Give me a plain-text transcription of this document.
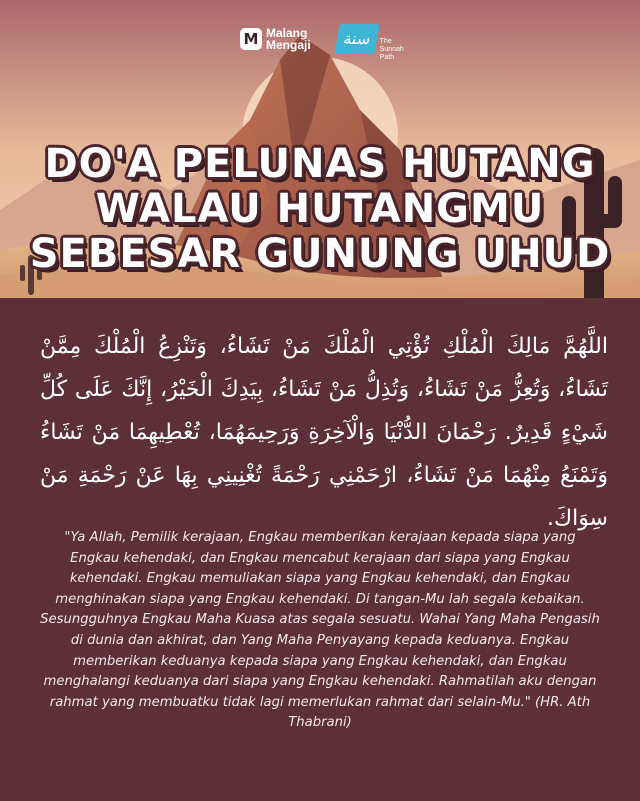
M Malang
Mengaji	سنة	The
Sunnah
Path
DO'A PELUNAS HUTANG
WALAU HUTANGMU
SEBESAR GUNUNG UHUD
اللَّهُمَّ مَالِكَ الْمُلْكِ تُؤْتِي الْمُلْكَ مَنْ تَشَاءُ، وَتَنْزِعُ الْمُلْكَ مِمَّنْ تَشَاءُ، وَتُعِزُّ مَنْ تَشَاءُ، وَتُذِلُّ مَنْ تَشَاءُ، بِيَدِكَ الْخَيْرُ، إِنَّكَ عَلَى كُلِّ شَيْءٍ قَدِيرٌ. رَحْمَانَ الدُّنْيَا وَالْآخِرَةِ وَرَحِيمَهُمَا، تُعْطِيهِمَا مَنْ تَشَاءُ وَتَمْنَعُ مِنْهُمَا مَنْ تَشَاءُ، ارْحَمْنِي رَحْمَةً تُغْنِينِي بِهَا عَنْ رَحْمَةِ مَنْ سِوَاكَ.
"Ya Allah, Pemilik kerajaan, Engkau memberikan kerajaan kepada siapa yang Engkau kehendaki, dan Engkau mencabut kerajaan dari siapa yang Engkau kehendaki. Engkau memuliakan siapa yang Engkau kehendaki, dan Engkau menghinakan siapa yang Engkau kehendaki. Di tangan-Mu lah segala kebaikan. Sesungguhnya Engkau Maha Kuasa atas segala sesuatu. Wahai Yang Maha Pengasih di dunia dan akhirat, dan Yang Maha Penyayang kepada keduanya. Engkau memberikan keduanya kepada siapa yang Engkau kehendaki, dan Engkau menghalangi keduanya dari siapa yang Engkau kehendaki. Rahmatilah aku dengan rahmat yang membuatku tidak lagi memerlukan rahmat dari selain-Mu." (HR. Ath Thabrani)
